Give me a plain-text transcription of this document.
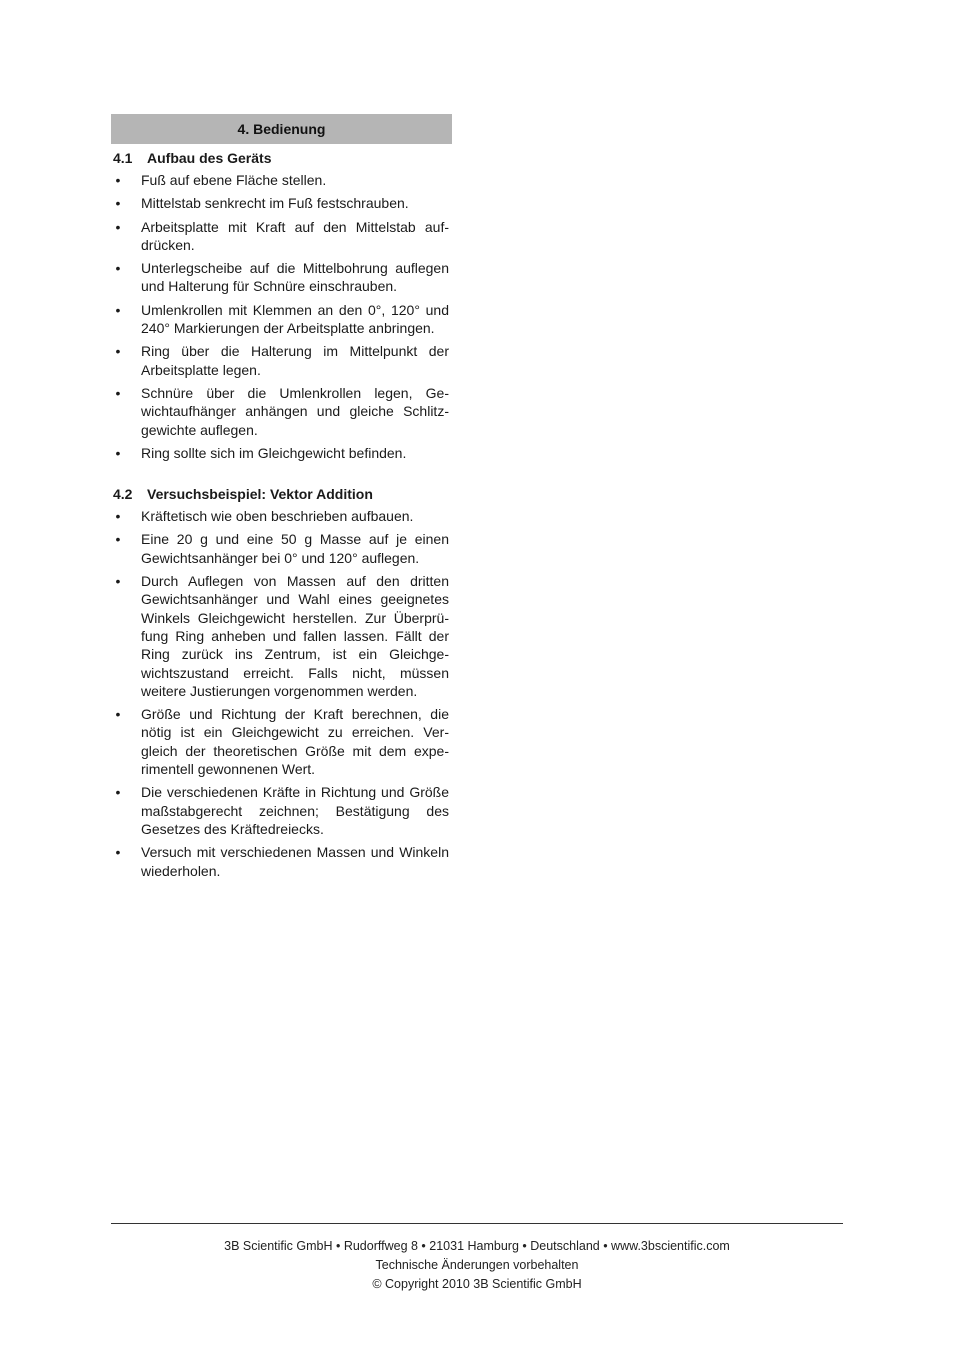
4. Bedienung
4.1 Aufbau des Geräts
• Fuß auf ebene Fläche stellen.
• Mittelstab senkrecht im Fuß festschrauben.
• Arbeitsplatte mit Kraft auf den Mittelstab aufdrücken.
• Unterlegscheibe auf die Mittelbohrung auflegen und Halterung für Schnüre einschrauben.
• Umlenkrollen mit Klemmen an den 0°, 120° und 240° Markierungen der Arbeitsplatte anbringen.
• Ring über die Halterung im Mittelpunkt der Arbeitsplatte legen.
• Schnüre über die Umlenkrollen legen, Gewichtaufhänger anhängen und gleiche Schlitzgewichte auflegen.
• Ring sollte sich im Gleichgewicht befinden.
4.2 Versuchsbeispiel: Vektor Addition
• Kräftetisch wie oben beschrieben aufbauen.
• Eine 20 g und eine 50 g Masse auf je einen Gewichtsanhänger bei 0° und 120° auflegen.
• Durch Auflegen von Massen auf den dritten Gewichtsanhänger und Wahl eines geeignetes Winkels Gleichgewicht herstellen. Zur Überprüfung Ring anheben und fallen lassen. Fällt der Ring zurück ins Zentrum, ist ein Gleichgewichtszustand erreicht. Falls nicht, müssen weitere Justierungen vorgenommen werden.
• Größe und Richtung der Kraft berechnen, die nötig ist ein Gleichgewicht zu erreichen. Vergleich der theoretischen Größe mit dem experimentell gewonnenen Wert.
• Die verschiedenen Kräfte in Richtung und Größe maßstabgerecht zeichnen; Bestätigung des Gesetzes des Kräftedreiecks.
• Versuch mit verschiedenen Massen und Winkeln wiederholen.
3B Scientific GmbH • Rudorffweg 8 • 21031 Hamburg • Deutschland • www.3bscientific.com
Technische Änderungen vorbehalten
© Copyright 2010 3B Scientific GmbH
